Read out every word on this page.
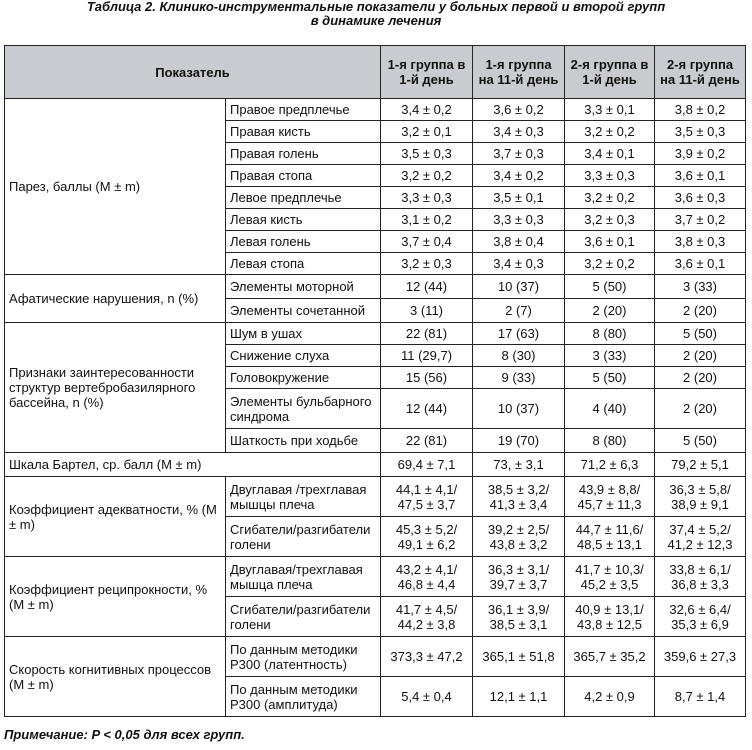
Таблица 2. Клинико-инструментальные показатели у больных первой и второй групп
в динамике лечения
Показатель		1-я группа в 1-й день	1-я группа на 11-й день	2-я группа в 1-й день	2-я группа на 11-й день
Парез, баллы (M ± m)	Правое предплечье	3,4 ± 0,2	3,6 ± 0,2	3,3 ± 0,1	3,8 ± 0,2
	Правая кисть	3,2 ± 0,1	3,4 ± 0,3	3,2 ± 0,2	3,5 ± 0,3
	Правая голень	3,5 ± 0,3	3,7 ± 0,3	3,4 ± 0,1	3,9 ± 0,2
	Правая стопа	3,2 ± 0,2	3,4 ± 0,2	3,3 ± 0,3	3,6 ± 0,1
	Левое предплечье	3,3 ± 0,3	3,5 ± 0,1	3,2 ± 0,2	3,6 ± 0,3
	Левая кисть	3,1 ± 0,2	3,3 ± 0,3	3,2 ± 0,3	3,7 ± 0,2
	Левая голень	3,7 ± 0,4	3,8 ± 0,4	3,6 ± 0,1	3,8 ± 0,3
	Левая стопа	3,2 ± 0,3	3,4 ± 0,3	3,2 ± 0,2	3,6 ± 0,1
Афатические нарушения, n (%)	Элементы моторной	12 (44)	10 (37)	5 (50)	3 (33)
	Элементы сочетанной	3 (11)	2 (7)	2 (20)	2 (20)
Признаки заинтересованности структур вертебробазилярного бассейна, n (%)	Шум в ушах	22 (81)	17 (63)	8 (80)	5 (50)
	Снижение слуха	11 (29,7)	8 (30)	3 (33)	2 (20)
	Головокружение	15 (56)	9 (33)	5 (50)	2 (20)
	Элементы бульбарного синдрома	12 (44)	10 (37)	4 (40)	2 (20)
	Шаткость при ходьбе	22 (81)	19 (70)	8 (80)	5 (50)
Шкала Бартел, ср. балл (M ± m)		69,4 ± 7,1	73, ± 3,1	71,2 ± 6,3	79,2 ± 5,1
Коэффициент адекватности, % (M ± m)	Двуглавая /трехглавая мышцы плеча	44,1 ± 4,1/ 47,5 ± 3,7	38,5 ± 3,2/ 41,3 ± 3,4	43,9 ± 8,8/ 45,7 ± 11,3	36,3 ± 5,8/ 38,9 ± 9,1
	Сгибатели/разгибатели голени	45,3 ± 5,2/ 49,1 ± 6,2	39,2 ± 2,5/ 43,8 ± 3,2	44,7 ± 11,6/ 48,5 ± 13,1	37,4 ± 5,2/ 41,2 ± 12,3
Коэффициент реципрокности, % (M ± m)	Двуглавая/трехглавая мышца плеча	43,2 ± 4,1/ 46,8 ± 4,4	36,3 ± 3,1/ 39,7 ± 3,7	41,7 ± 10,3/ 45,2 ± 3,5	33,8 ± 6,1/ 36,8 ± 3,3
	Сгибатели/разгибатели голени	41,7 ± 4,5/ 44,2 ± 3,8	36,1 ± 3,9/ 38,5 ± 3,1	40,9 ± 13,1/ 43,8 ± 12,5	32,6 ± 6,4/ 35,3 ± 6,9
Скорость когнитивных процессов (M ± m)	По данным методики Р300 (латентность)	373,3 ± 47,2	365,1 ± 51,8	365,7 ± 35,2	359,6 ± 27,3
	По данным методики Р300 (амплитуда)	5,4 ± 0,4	12,1 ± 1,1	4,2 ± 0,9	8,7 ± 1,4
Примечание: P < 0,05 для всех групп.
